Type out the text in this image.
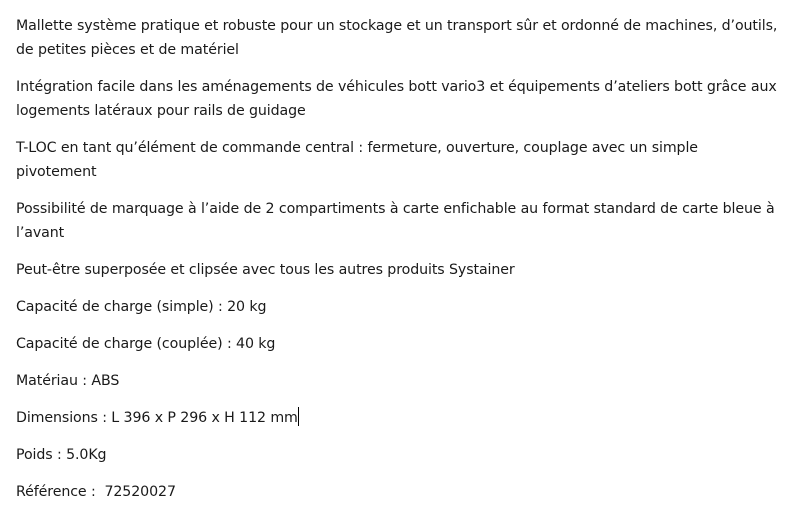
Mallette système pratique et robuste pour un stockage et un transport sûr et ordonné de machines, d’outils, de petites pièces et de matériel

Intégration facile dans les aménagements de véhicules bott vario3 et équipements d’ateliers bott grâce aux logements latéraux pour rails de guidage

T-LOC en tant qu’élément de commande central : fermeture, ouverture, couplage avec un simple pivotement

Possibilité de marquage à l’aide de 2 compartiments à carte enfichable au format standard de carte bleue à l’avant

Peut-être superposée et clipsée avec tous les autres produits Systainer

Capacité de charge (simple) : 20 kg

Capacité de charge (couplée) : 40 kg

Matériau : ABS

Dimensions : L 396 x P 296 x H 112 mm

Poids : 5.0Kg

Référence :  72520027
